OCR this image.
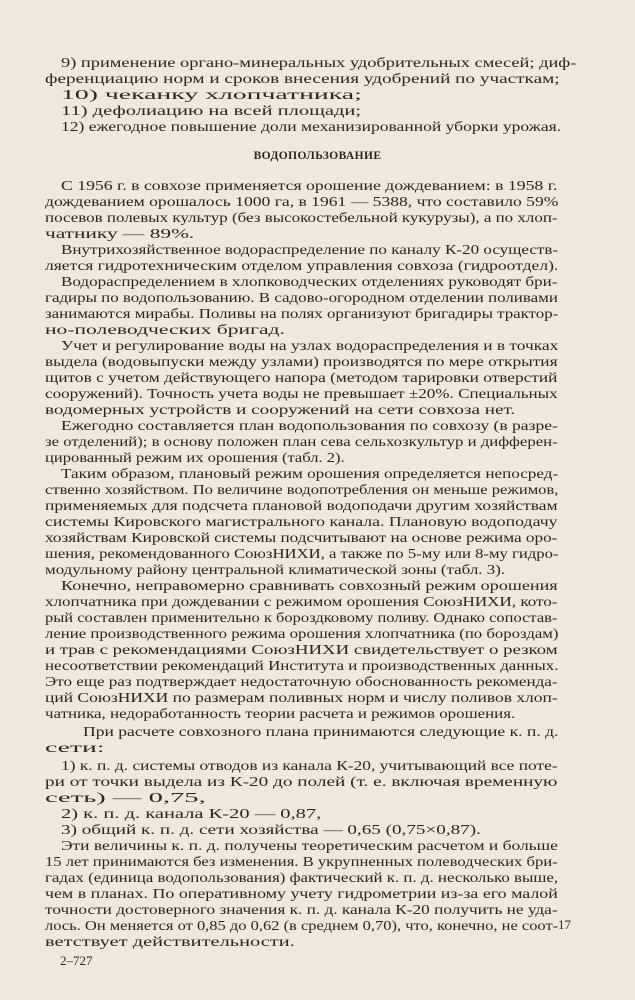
9) применение органо-минеральных удобрительных смесей; диф-
ференциацию норм и сроков внесения удобрений по участкам;
10) чеканку хлопчатника;
11) дефолиацию на всей площади;
12) ежегодное повышение доли механизированной уборки урожая.
ВОДОПОЛЬЗОВАНИЕ
С 1956 г. в совхозе применяется орошение дождеванием: в 1958 г.
дождеванием орошалось 1000 га, в 1961 — 5388, что составило 59%
посевов полевых культур (без высокостебельной кукурузы), а по хлоп-
чатнику — 89%.
Внутрихозяйственное водораспределение по каналу К-20 осуществ-
ляется гидротехническим отделом управления совхоза (гидроотдел).
Водораспределением в хлопководческих отделениях руководят бри-
гадиры по водопользованию. В садово-огородном отделении поливами
занимаются мирабы. Поливы на полях организуют бригадиры трактор-
но-полеводческих бригад.
Учет и регулирование воды на узлах водораспределения и в точках
выдела (водовыпуски между узлами) производятся по мере открытия
щитов с учетом действующего напора (методом тарировки отверстий
сооружений). Точность учета воды не превышает ±20%. Специальных
водомерных устройств и сооружений на сети совхоза нет.
Ежегодно составляется план водопользования по совхозу (в разре-
зе отделений); в основу положен план сева сельхозкультур и дифферен-
цированный режим их орошения (табл. 2).
Таким образом, плановый режим орошения определяется непосред-
ственно хозяйством. По величине водопотребления он меньше режимов,
применяемых для подсчета плановой водоподачи другим хозяйствам
системы Кировского магистрального канала. Плановую водоподачу
хозяйствам Кировской системы подсчитывают на основе режима оро-
шения, рекомендованного СоюзНИХИ, а также по 5-му или 8-му гидро-
модульному району центральной климатической зоны (табл. 3).
Конечно, неправомерно сравнивать совхозный режим орошения
хлопчатника при дождевании с режимом орошения СоюзНИХИ, кото-
рый составлен применительно к бороздковому поливу. Однако сопостав-
ление производственного режима орошения хлопчатника (по бороздам)
и трав с рекомендациями СоюзНИХИ свидетельствует о резком
несоответствии рекомендаций Института и производственных данных.
Это еще раз подтверждает недостаточную обоснованность рекоменда-
ций СоюзНИХИ по размерам поливных норм и числу поливов хлоп-
чатника, недоработанность теории расчета и режимов орошения.
При расчете совхозного плана принимаются следующие к. п. д.
сети:
1) к. п. д. системы отводов из канала К-20, учитывающий все поте-
ри от точки выдела из К-20 до полей (т. е. включая временную
сеть) — 0,75,
2) к. п. д. канала К-20 — 0,87,
3) общий к. п. д. сети хозяйства — 0,65 (0,75×0,87).
Эти величины к. п. д. получены теоретическим расчетом и больше
15 лет принимаются без изменения. В укрупненных полеводческих бри-
гадах (единица водопользования) фактический к. п. д. несколько выше,
чем в планах. По оперативному учету гидрометрии из-за его малой
точности достоверного значения к. п. д. канала К-20 получить не уда-
лось. Он меняется от 0,85 до 0,62 (в среднем 0,70), что, конечно, не соот-
ветствует действительности.
17
2–727
